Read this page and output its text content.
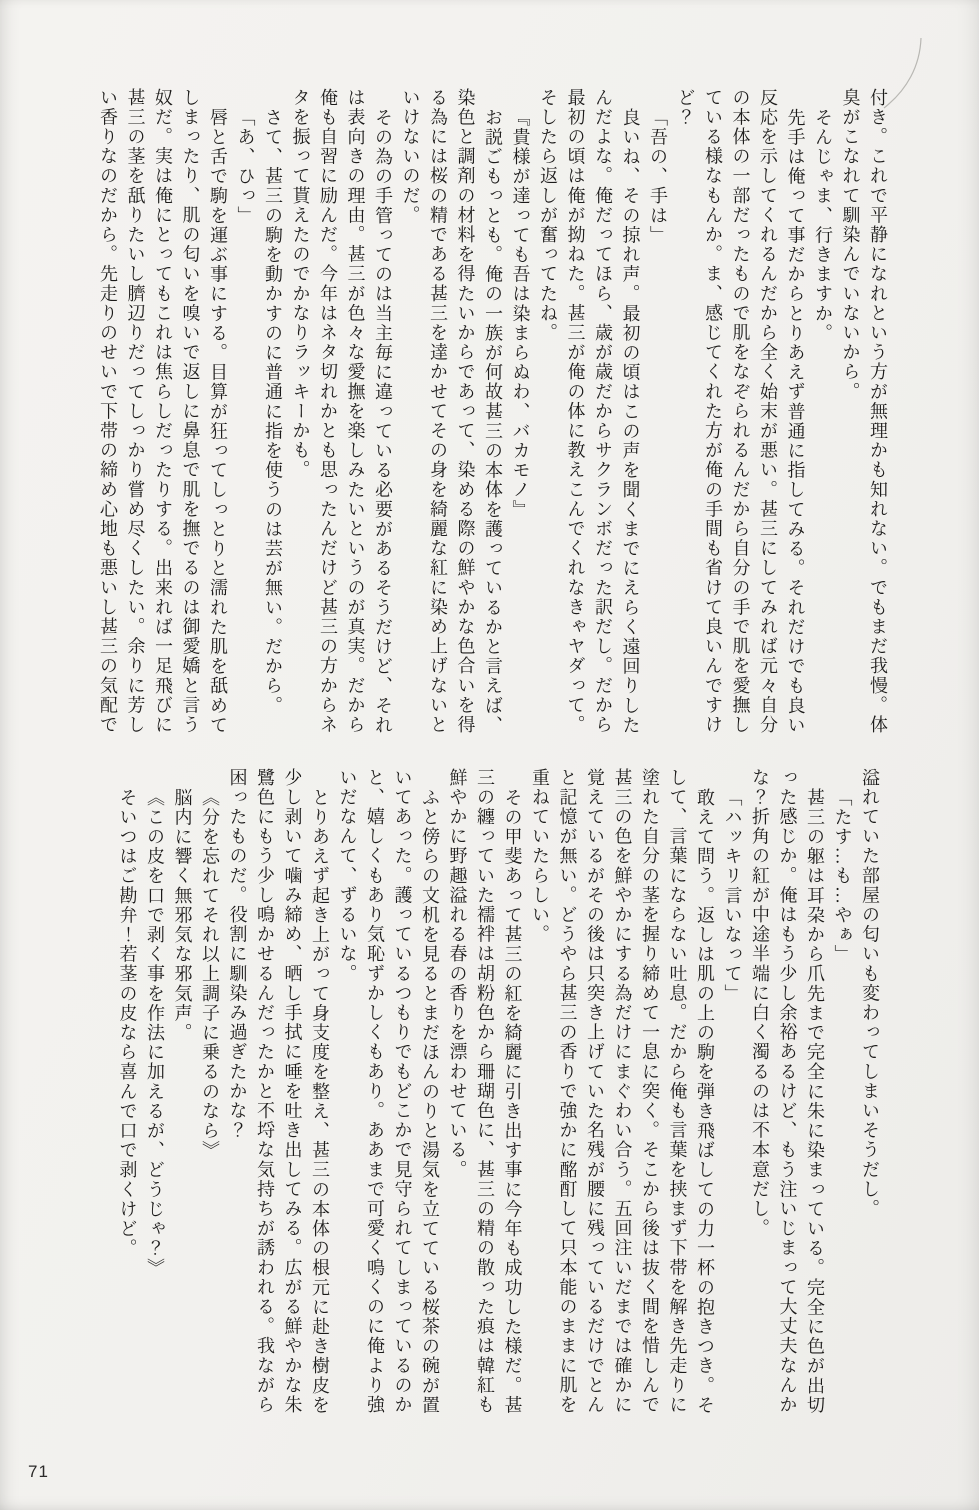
付き。これで平静になれという方が無理かも知れない。でもまだ我慢。体
臭がこなれて馴染んでいないから。
そんじゃま、行きますか。
先手は俺って事だからとりあえず普通に指してみる。それだけでも良い
反応を示してくれるんだから全く始末が悪い。甚三にしてみれば元々自分
の本体の一部だったもので肌をなぞられるんだから自分の手で肌を愛撫し
ている様なもんか。ま、感じてくれた方が俺の手間も省けて良いんですけ
ど？
「吾の、手は」
良いね、その掠れ声。最初の頃はこの声を聞くまでにえらく遠回りした
んだよな。俺だってほら、歳が歳だからサクランボだった訳だし。だから
最初の頃は俺が拗ねた。甚三が俺の体に教えこんでくれなきゃヤダって。
そしたら返しが奮ってたね。
『貴様が達っても吾は染まらぬわ、バカモノ』
お説ごもっとも。俺の一族が何故甚三の本体を護っているかと言えば、
染色と調剤の材料を得たいからであって、染める際の鮮やかな色合いを得
る為には桜の精である甚三を達かせてその身を綺麗な紅に染め上げないと
いけないのだ。
その為の手管ってのは当主毎に違っている必要があるそうだけど、それ
は表向きの理由。甚三が色々な愛撫を楽しみたいというのが真実。だから
俺も自習に励んだ。今年はネタ切れかとも思ったんだけど甚三の方からネ
タを振って貰えたのでかなりラッキーかも。
さて、甚三の駒を動かすのに普通に指を使うのは芸が無い。だから。
「あ、ひっ」
唇と舌で駒を運ぶ事にする。目算が狂ってしっとりと濡れた肌を舐めて
しまったり、肌の匂いを嗅いで返しに鼻息で肌を撫でるのは御愛嬌と言う
奴だ。実は俺にとってもこれは焦らしだったりする。出来れば一足飛びに
甚三の茎を舐りたいし臍辺りだってしっかり嘗め尽くしたい。余りに芳し
い香りなのだから。先走りのせいで下帯の締め心地も悪いし甚三の気配で
溢れていた部屋の匂いも変わってしまいそうだし。
「たす…も…やぁ」
甚三の躯は耳朶から爪先まで完全に朱に染まっている。完全に色が出切
った感じか。俺はもう少し余裕あるけど、もう注いじまって大丈夫なんか
な？折角の紅が中途半端に白く濁るのは不本意だし。
「ハッキリ言いなって」
敢えて問う。返しは肌の上の駒を弾き飛ばしての力一杯の抱きつき。そ
して、言葉にならない吐息。だから俺も言葉を挟まず下帯を解き先走りに
塗れた自分の茎を握り締めて一息に突く。そこから後は抜く間を惜しんで
甚三の色を鮮やかにする為だけにまぐわい合う。五回注いだまでは確かに
覚えているがその後は只突き上げていた名残が腰に残っているだけでとん
と記憶が無い。どうやら甚三の香りで強かに酩酊して只本能のままに肌を
重ねていたらしい。
その甲斐あって甚三の紅を綺麗に引き出す事に今年も成功した様だ。甚
三の纏っていた襦袢は胡粉色から珊瑚色に、甚三の精の散った痕は韓紅も
鮮やかに野趣溢れる春の香りを漂わせている。
ふと傍らの文机を見るとまだほんのりと湯気を立てている桜茶の碗が置
いてあった。護っているつもりでもどこかで見守られてしまっているのか
と、嬉しくもあり気恥ずかしくもあり。ああまで可愛く鳴くのに俺より強
いだなんて、ずるいな。
とりあえず起き上がって身支度を整え、甚三の本体の根元に赴き樹皮を
少し剥いて噛み締め、晒し手拭に唾を吐き出してみる。広がる鮮やかな朱
鷺色にもう少し鳴かせるんだったかと不埒な気持ちが誘われる。我ながら
困ったものだ。役割に馴染み過ぎたかな？
《分を忘れてそれ以上調子に乗るのなら》
脳内に響く無邪気な邪気声。
《この皮を口で剥く事を作法に加えるが、どうじゃ？》
そいつはご勘弁！若茎の皮なら喜んで口で剥くけど。
71
